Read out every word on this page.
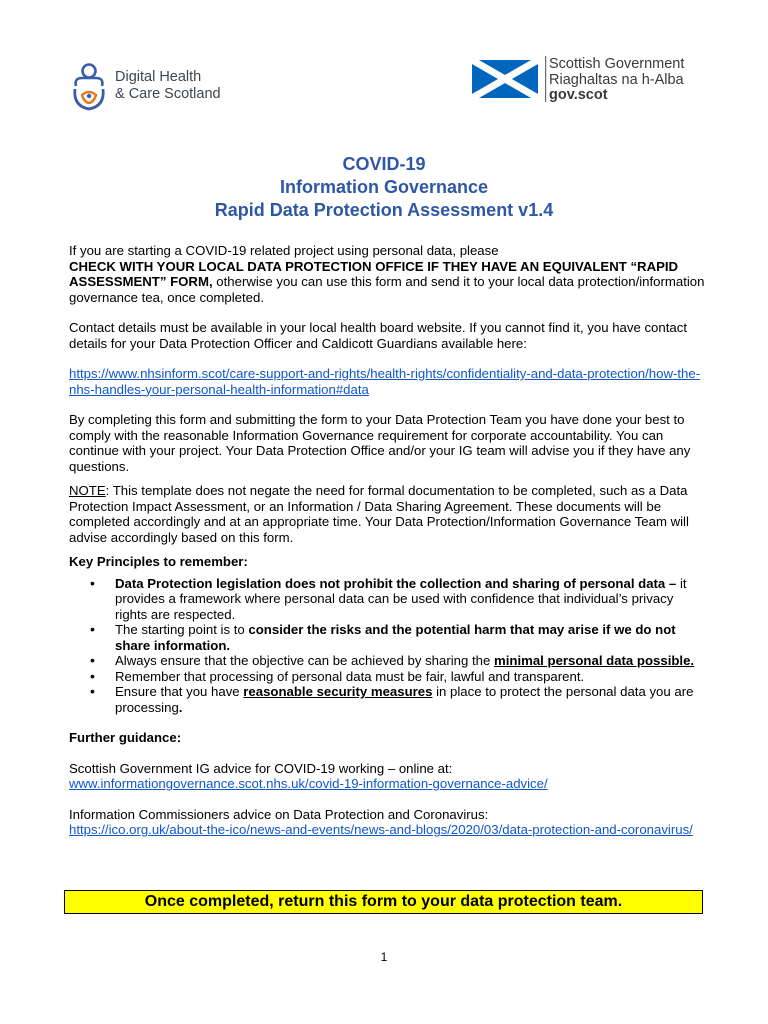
Digital Health
& Care Scotland
Scottish Government
Riaghaltas na h-Alba
gov.scot
COVID-19
Information Governance
Rapid Data Protection Assessment v1.4

If you are starting a COVID-19 related project using personal data, please
CHECK WITH YOUR LOCAL DATA PROTECTION OFFICE IF THEY HAVE AN EQUIVALENT “RAPID ASSESSMENT” FORM, otherwise you can use this form and send it to your local data protection/information governance tea, once completed.

Contact details must be available in your local health board website. If you cannot find it, you have contact details for your Data Protection Officer and Caldicott Guardians available here:

https://www.nhsinform.scot/care-support-and-rights/health-rights/confidentiality-and-data-protection/how-the-nhs-handles-your-personal-health-information#data

By completing this form and submitting the form to your Data Protection Team you have done your best to comply with the reasonable Information Governance requirement for corporate accountability. You can continue with your project. Your Data Protection Office and/or your IG team will advise you if they have any questions.

NOTE: This template does not negate the need for formal documentation to be completed, such as a Data Protection Impact Assessment, or an Information / Data Sharing Agreement. These documents will be completed accordingly and at an appropriate time. Your Data Protection/Information Governance Team will advise accordingly based on this form.

Key Principles to remember:

• Data Protection legislation does not prohibit the collection and sharing of personal data – it provides a framework where personal data can be used with confidence that individual’s privacy rights are respected.
• The starting point is to consider the risks and the potential harm that may arise if we do not share information.
• Always ensure that the objective can be achieved by sharing the minimal personal data possible.
• Remember that processing of personal data must be fair, lawful and transparent.
• Ensure that you have reasonable security measures in place to protect the personal data you are processing.

Further guidance:

Scottish Government IG advice for COVID-19 working – online at:

www.informationgovernance.scot.nhs.uk/covid-19-information-governance-advice/

Information Commissioners advice on Data Protection and Coronavirus:

https://ico.org.uk/about-the-ico/news-and-events/news-and-blogs/2020/03/data-protection-and-coronavirus/

Once completed, return this form to your data protection team.
1
